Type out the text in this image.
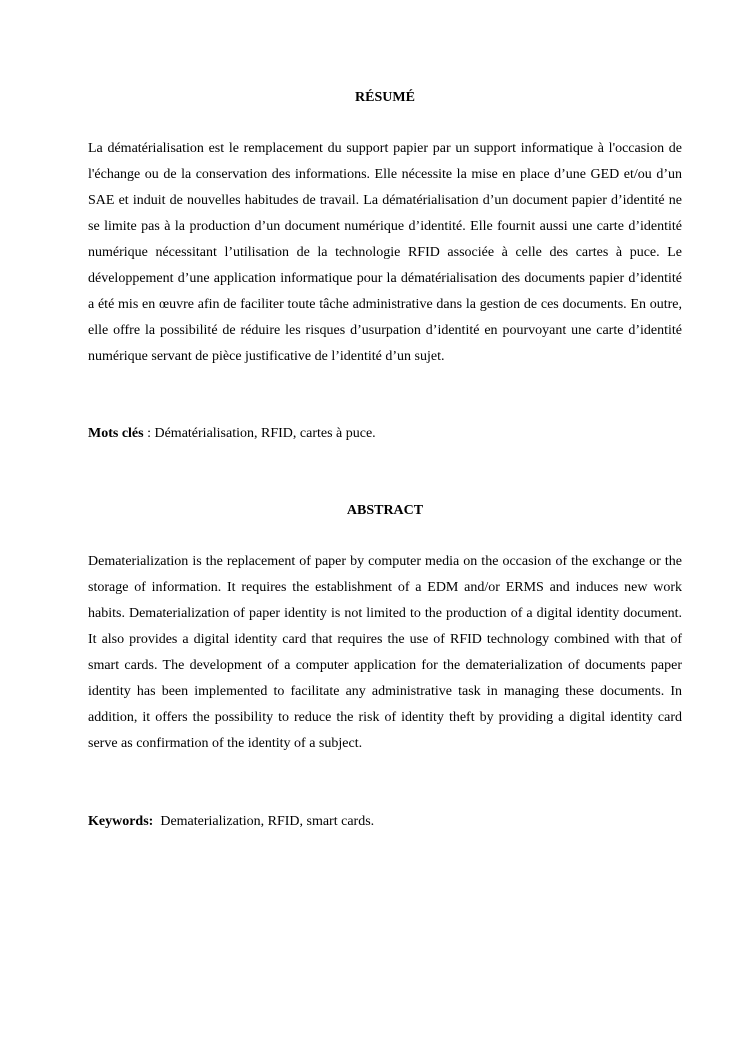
RÉSUMÉ

La dématérialisation est le remplacement du support papier par un support informatique à l'occasion de l'échange ou de la conservation des informations. Elle nécessite la mise en place d’une GED et/ou d’un SAE et induit de nouvelles habitudes de travail. La dématérialisation d’un document papier d’identité ne se limite pas à la production d’un document numérique d’identité. Elle fournit aussi une carte d’identité numérique nécessitant l’utilisation de la technologie RFID associée à celle des cartes à puce. Le développement d’une application informatique pour la dématérialisation des documents papier d’identité a été mis en œuvre afin de faciliter toute tâche administrative dans la gestion de ces documents. En outre, elle offre la possibilité de réduire les risques d’usurpation d’identité en pourvoyant une carte d’identité numérique servant de pièce justificative de l’identité d’un sujet.

Mots clés : Dématérialisation, RFID, cartes à puce.

ABSTRACT

Dematerialization is the replacement of paper by computer media on the occasion of the exchange or the storage of information. It requires the establishment of a EDM and/or ERMS and induces new work habits. Dematerialization of paper identity is not limited to the production of a digital identity document. It also provides a digital identity card that requires the use of RFID technology combined with that of smart cards. The development of a computer application for the dematerialization of documents paper identity has been implemented to facilitate any administrative task in managing these documents. In addition, it offers the possibility to reduce the risk of identity theft by providing a digital identity card serve as confirmation of the identity of a subject.

Keywords:  Dematerialization, RFID, smart cards.
